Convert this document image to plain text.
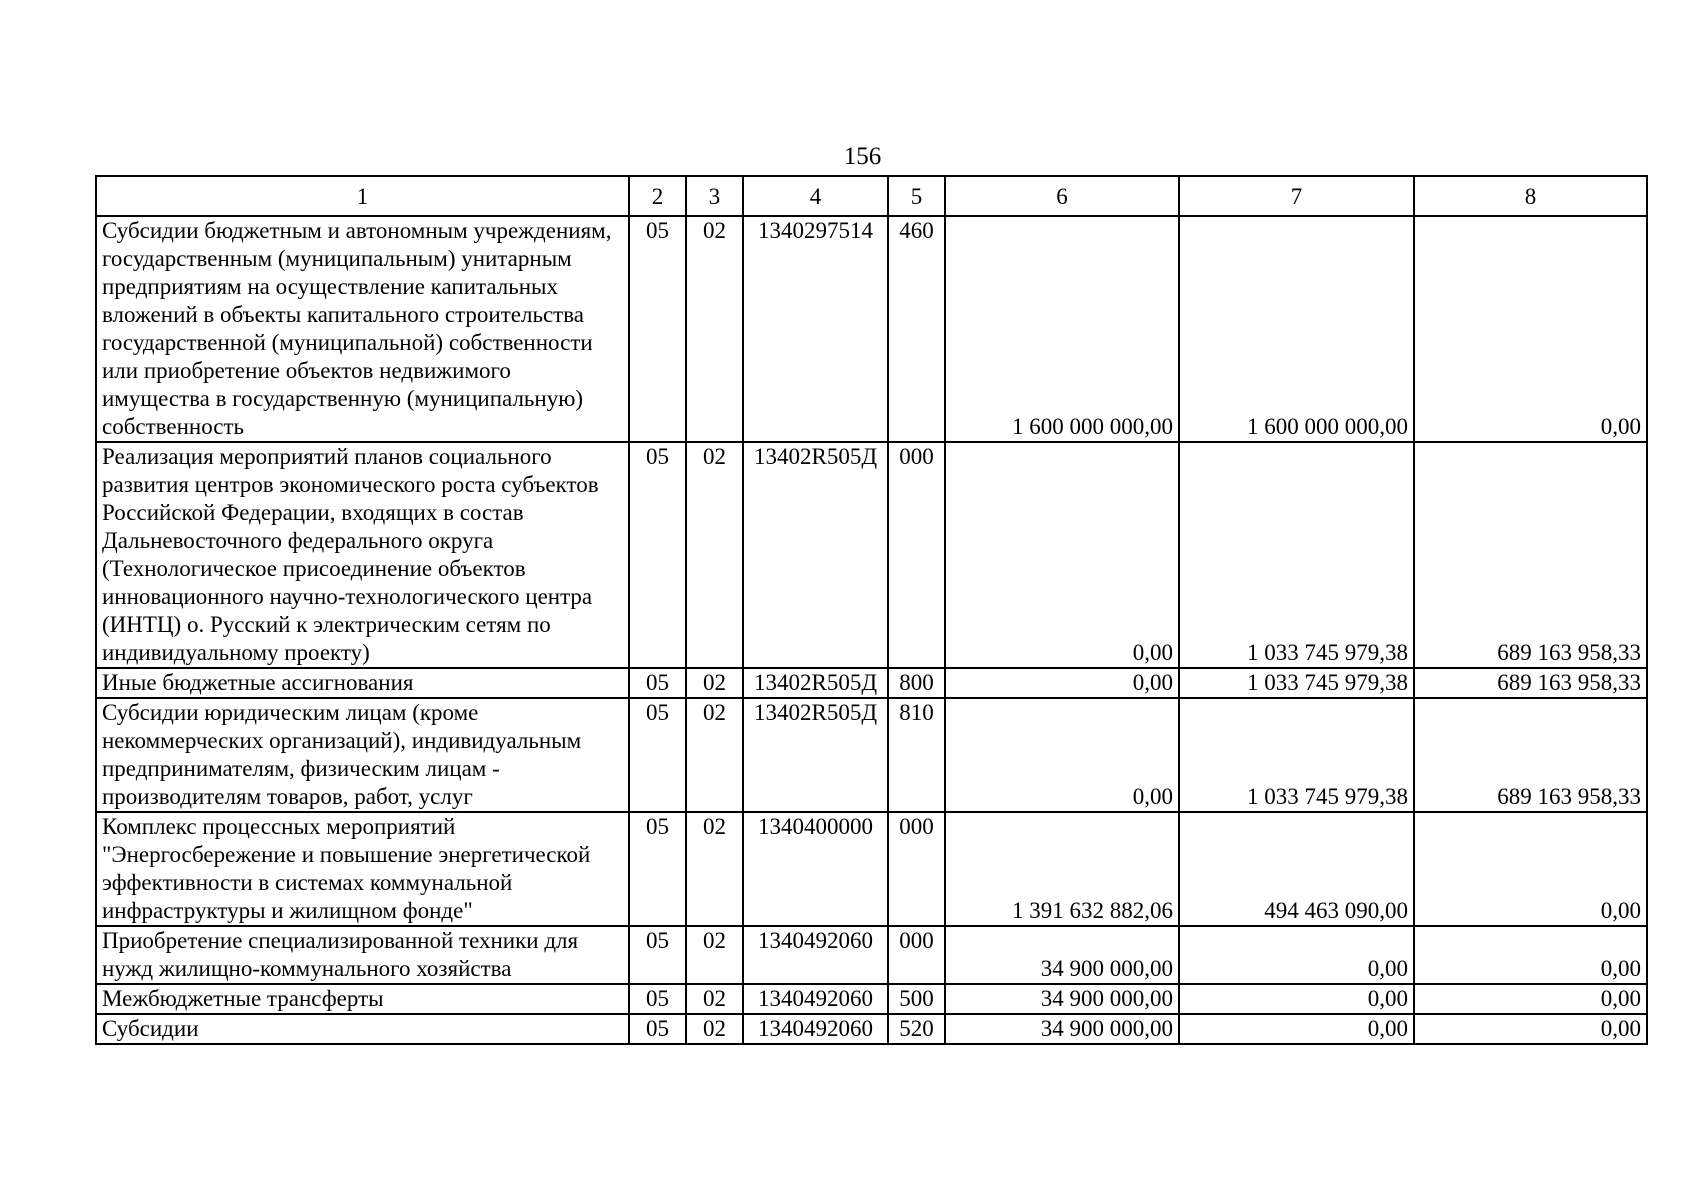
156
1	2	3	4	5	6	7	8
Субсидии бюджетным и автономным учреждениям, государственным (муниципальным) унитарным предприятиям на осуществление капитальных вложений в объекты капитального строительства государственной (муниципальной) собственности или приобретение объектов недвижимого имущества в государственную (муниципальную) собственность	05	02	1340297514	460	1 600 000 000,00	1 600 000 000,00	0,00
Реализация мероприятий планов социального развития центров экономического роста субъектов Российской Федерации, входящих в состав Дальневосточного федерального округа (Технологическое присоединение объектов инновационного научно-технологического центра (ИНТЦ) о. Русский к электрическим сетям по индивидуальному проекту)	05	02	13402R505Д	000	0,00	1 033 745 979,38	689 163 958,33
Иные бюджетные ассигнования	05	02	13402R505Д	800	0,00	1 033 745 979,38	689 163 958,33
Субсидии юридическим лицам (кроме некоммерческих организаций), индивидуальным предпринимателям, физическим лицам - производителям товаров, работ, услуг	05	02	13402R505Д	810	0,00	1 033 745 979,38	689 163 958,33
Комплекс процессных мероприятий "Энергосбережение и повышение энергетической эффективности в системах коммунальной инфраструктуры и жилищном фонде"	05	02	1340400000	000	1 391 632 882,06	494 463 090,00	0,00
Приобретение специализированной техники для нужд жилищно-коммунального хозяйства	05	02	1340492060	000	34 900 000,00	0,00	0,00
Межбюджетные трансферты	05	02	1340492060	500	34 900 000,00	0,00	0,00
Субсидии	05	02	1340492060	520	34 900 000,00	0,00	0,00
